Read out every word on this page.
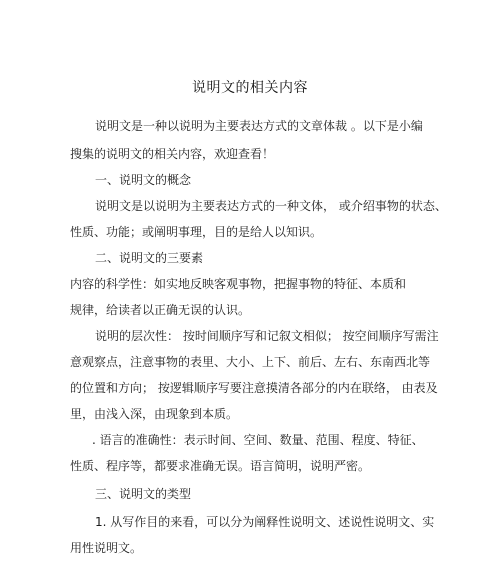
说明文的相关内容
说明文是一种以说明为主要表达方式的文章体裁 。以下是小编
搜集的说明文的相关内容，欢迎查看！
一、说明文的概念
说明文是以说明为主要表达方式的一种文体， 或介绍事物的状态、
性质、功能；或阐明事理，目的是给人以知识。
二、说明文的三要素
内容的科学性：如实地反映客观事物，把握事物的特征、本质和
规律，给读者以正确无误的认识。
说明的层次性： 按时间顺序写和记叙文相似； 按空间顺序写需注
意观察点，注意事物的表里、大小、上下、前后、左右、东南西北等
的位置和方向； 按逻辑顺序写要注意摸清各部分的内在联络， 由表及
里，由浅入深，由现象到本质。
. 语言的准确性：表示时间、空间、数量、范围、程度、特征、
性质、程序等，都要求准确无误。语言简明，说明严密。
三、说明文的类型
1. 从写作目的来看，可以分为阐释性说明文、述说性说明文、实
用性说明文。
